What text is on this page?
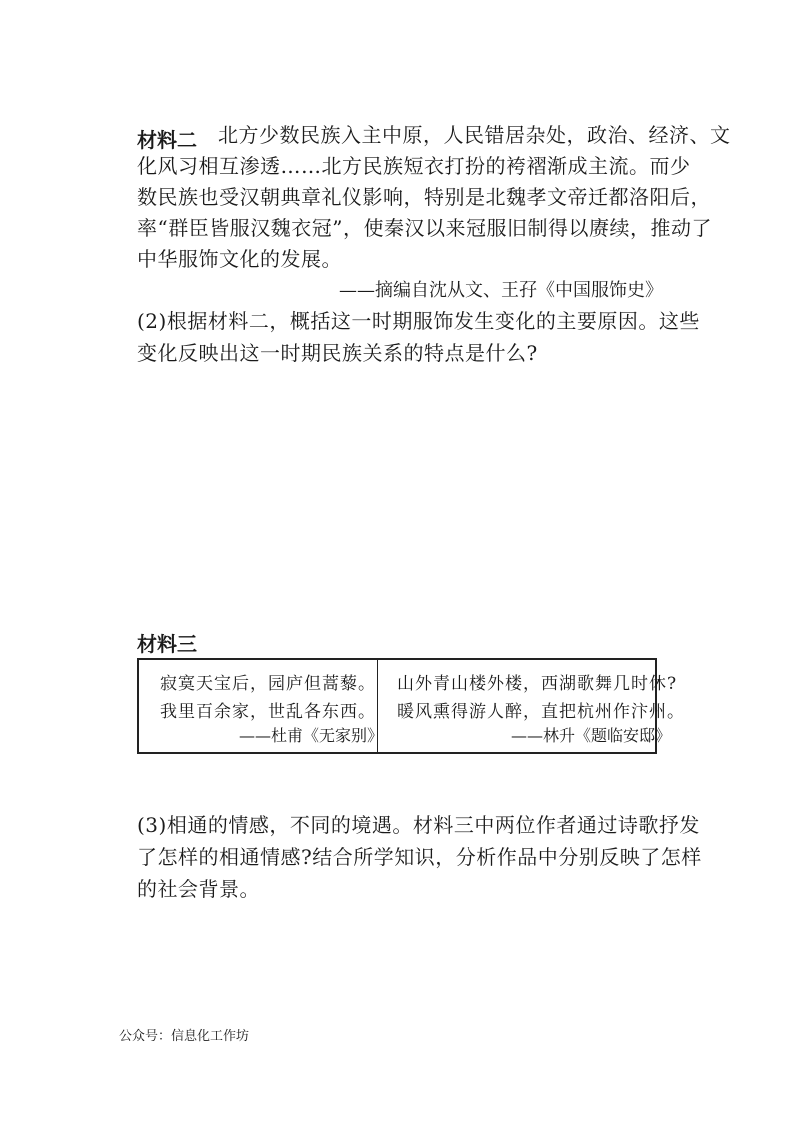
材料二 北方少数民族入主中原，人民错居杂处，政治、经济、文
化风习相互渗透……北方民族短衣打扮的袴褶渐成主流。而少
数民族也受汉朝典章礼仪影响，特别是北魏孝文帝迁都洛阳后，
率“群臣皆服汉魏衣冠”，使秦汉以来冠服旧制得以赓续，推动了
中华服饰文化的发展。
——摘编自沈从文、王孖《中国服饰史》
(2)根据材料二，概括这一时期服饰发生变化的主要原因。这些
变化反映出这一时期民族关系的特点是什么?
材料三
寂寞天宝后，园庐但蒿藜。
我里百余家，世乱各东西。
——杜甫《无家别》
山外青山楼外楼，西湖歌舞几时休?
暖风熏得游人醉，直把杭州作汴州。
——林升《题临安邸》
(3)相通的情感，不同的境遇。材料三中两位作者通过诗歌抒发
了怎样的相通情感?结合所学知识，分析作品中分别反映了怎样
的社会背景。
公众号：信息化工作坊
